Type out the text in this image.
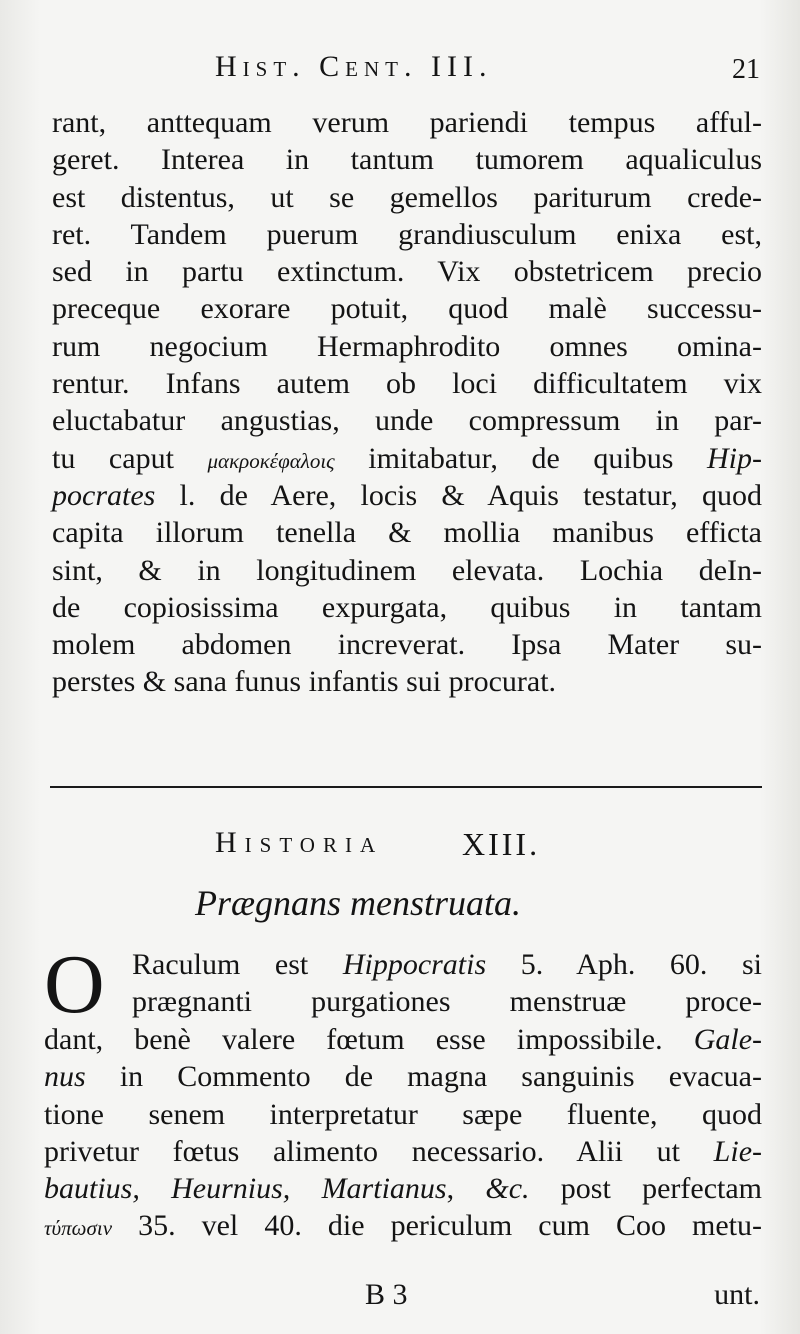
Hist. Cent. III.	21
rant, anttequam verum pariendi tempus afful-
geret. Interea in tantum tumorem aqualiculus
est distentus, ut se gemellos pariturum crede-
ret. Tandem puerum grandiusculum enixa est,
sed in partu extinctum. Vix obstetricem precio
preceque exorare potuit, quod malè successu-
rum negocium Hermaphrodito omnes omina-
rentur. Infans autem ob loci difficultatem vix
eluctabatur angustias, unde compressum in par-
tu caput μακροκέφαλοις imitabatur, de quibus Hip-
pocrates l. de Aere, locis & Aquis testatur, quod
capita illorum tenella & mollia manibus efficta
sint, & in longitudinem elevata. Lochia deIn-
de copiosissima expurgata, quibus in tantam
molem abdomen increverat. Ipsa Mater su-
perstes & sana funus infantis sui procurat.
Historia XIII.
Prægnans menstruata.
O Raculum est Hippocratis 5. Aph. 60. si
prægnanti purgationes menstruæ proce-
dant, benè valere fœtum esse impossibile. Gale-
nus in Commento de magna sanguinis evacua-
tione senem interpretatur sæpe fluente, quod
privetur fœtus alimento necessario. Alii ut Lie-
bautius, Heurnius, Martianus, &c. post perfectam
τύπωσιν 35. vel 40. die periculum cum Coo metu-
B 3	unt.
